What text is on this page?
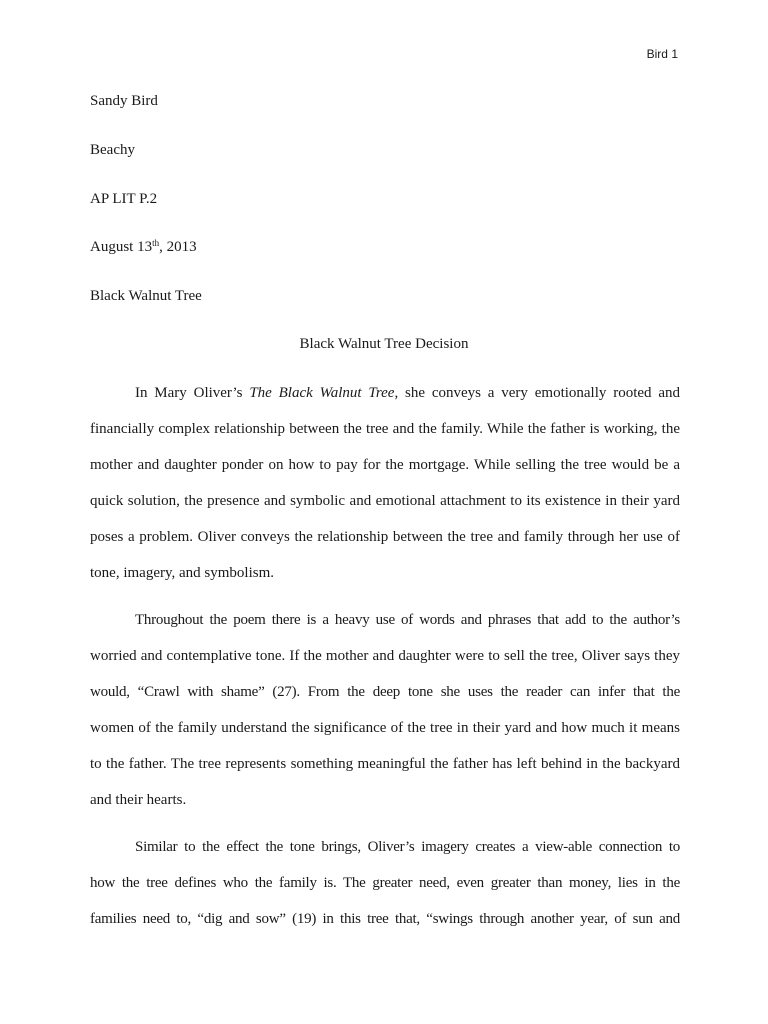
Bird 1
Sandy Bird
Beachy
AP LIT P.2
August 13th, 2013
Black Walnut Tree
Black Walnut Tree Decision
In Mary Oliver’s The Black Walnut Tree, she conveys a very emotionally rooted and
financially complex relationship between the tree and the family. While the father is working, the
mother and daughter ponder on how to pay for the mortgage. While selling the tree would be a
quick solution, the presence and symbolic and emotional attachment to its existence in their yard
poses a problem. Oliver conveys the relationship between the tree and family through her use of
tone, imagery, and symbolism.
Throughout the poem there is a heavy use of words and phrases that add to the author’s
worried and contemplative tone. If the mother and daughter were to sell the tree, Oliver says they
would, “Crawl with shame” (27). From the deep tone she uses the reader can infer that the
women of the family understand the significance of the tree in their yard and how much it means
to the father. The tree represents something meaningful the father has left behind in the backyard
and their hearts.
Similar to the effect the tone brings, Oliver’s imagery creates a view-able connection to
how the tree defines who the family is. The greater need, even greater than money, lies in the
families need to, “dig and sow” (19) in this tree that, “swings through another year, of sun and
